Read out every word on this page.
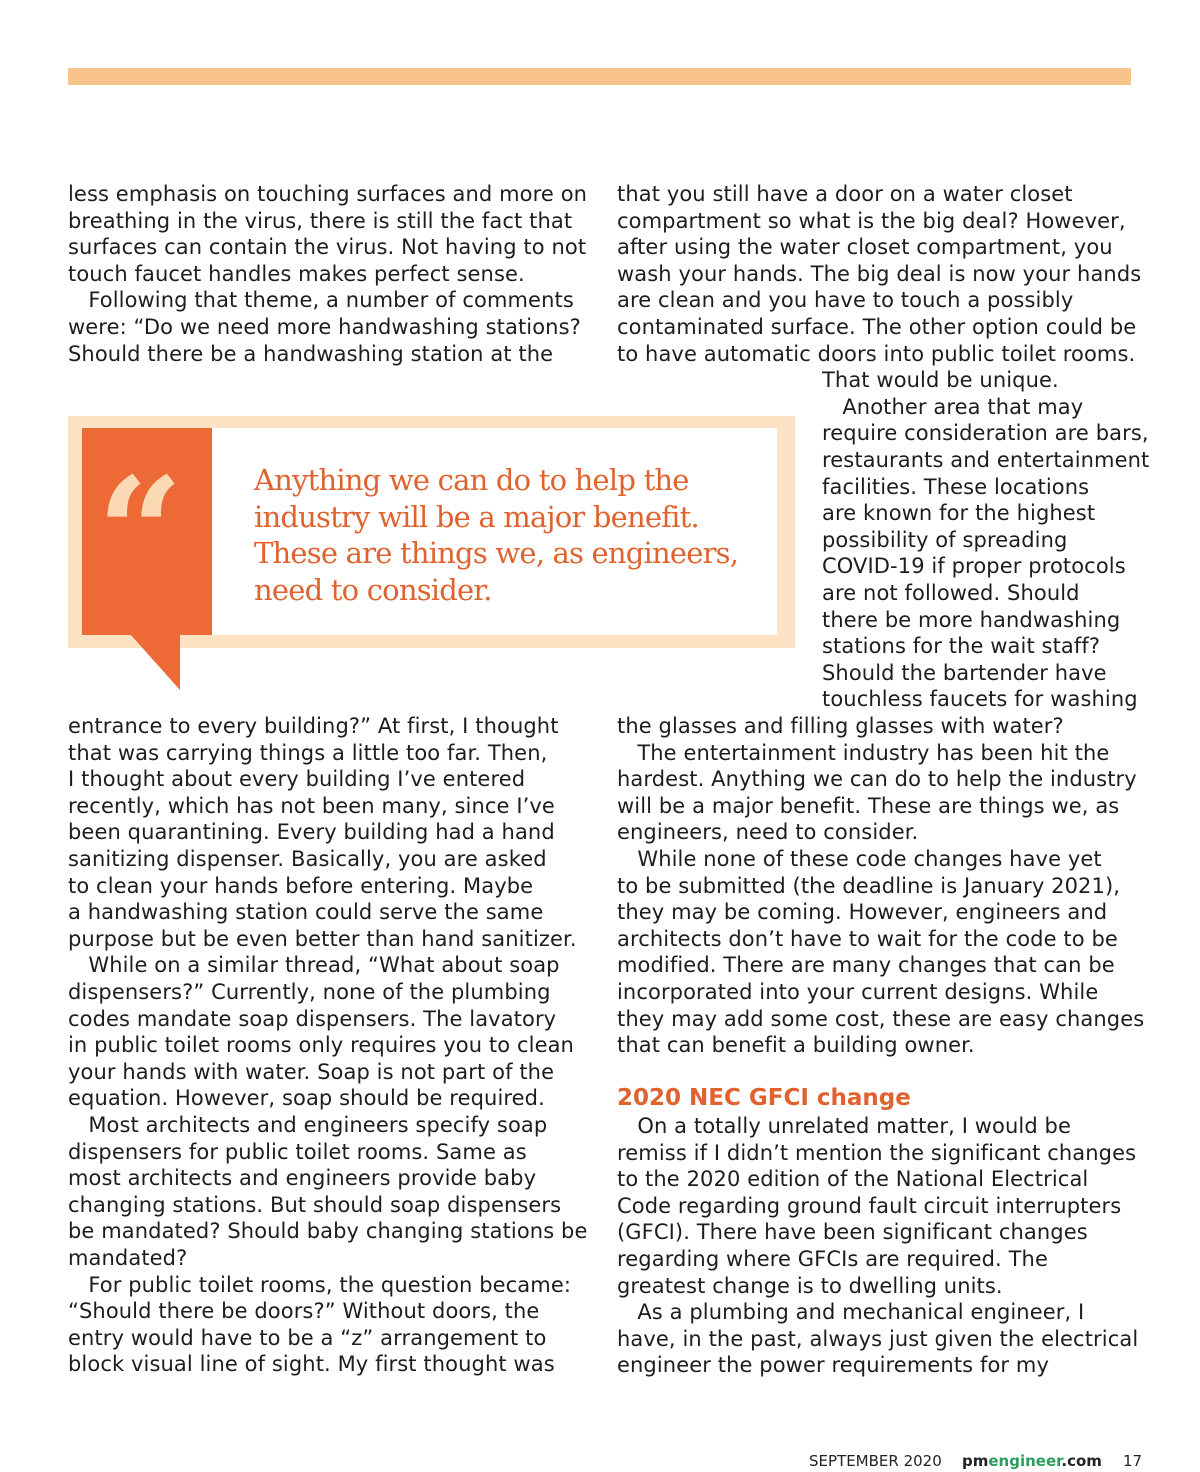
less emphasis on touching surfaces and more on
breathing in the virus, there is still the fact that
surfaces can contain the virus. Not having to not
touch faucet handles makes perfect sense.
Following that theme, a number of comments
were: “Do we need more handwashing stations?
Should there be a handwashing station at the
entrance to every building?” At first, I thought
that was carrying things a little too far. Then,
I thought about every building I’ve entered
recently, which has not been many, since I’ve
been quarantining. Every building had a hand
sanitizing dispenser. Basically, you are asked
to clean your hands before entering. Maybe
a handwashing station could serve the same
purpose but be even better than hand sanitizer.
While on a similar thread, “What about soap
dispensers?” Currently, none of the plumbing
codes mandate soap dispensers. The lavatory
in public toilet rooms only requires you to clean
your hands with water. Soap is not part of the
equation. However, soap should be required.
Most architects and engineers specify soap
dispensers for public toilet rooms. Same as
most architects and engineers provide baby
changing stations. But should soap dispensers
be mandated? Should baby changing stations be
mandated?
For public toilet rooms, the question became:
“Should there be doors?” Without doors, the
entry would have to be a “z” arrangement to
block visual line of sight. My first thought was
that you still have a door on a water closet
compartment so what is the big deal? However,
after using the water closet compartment, you
wash your hands. The big deal is now your hands
are clean and you have to touch a possibly
contaminated surface. The other option could be
to have automatic doors into public toilet rooms.
That would be unique.
Another area that may
require consideration are bars,
restaurants and entertainment
facilities. These locations
are known for the highest
possibility of spreading
COVID-19 if proper protocols
are not followed. Should
there be more handwashing
stations for the wait staff?
Should the bartender have
touchless faucets for washing
the glasses and filling glasses with water?
The entertainment industry has been hit the
hardest. Anything we can do to help the industry
will be a major benefit. These are things we, as
engineers, need to consider.
While none of these code changes have yet
to be submitted (the deadline is January 2021),
they may be coming. However, engineers and
architects don’t have to wait for the code to be
modified. There are many changes that can be
incorporated into your current designs. While
they may add some cost, these are easy changes
that can benefit a building owner.
On a totally unrelated matter, I would be
remiss if I didn’t mention the significant changes
to the 2020 edition of the National Electrical
Code regarding ground fault circuit interrupters
(GFCI). There have been significant changes
regarding where GFCIs are required. The
greatest change is to dwelling units.
As a plumbing and mechanical engineer, I
have, in the past, always just given the electrical
engineer the power requirements for my
2020 NEC GFCI change
“ Anything we can do to help the
industry will be a major benefit.
These are things we, as engineers,
need to consider.
SEPTEMBER 2020 pmengineer.com 17
